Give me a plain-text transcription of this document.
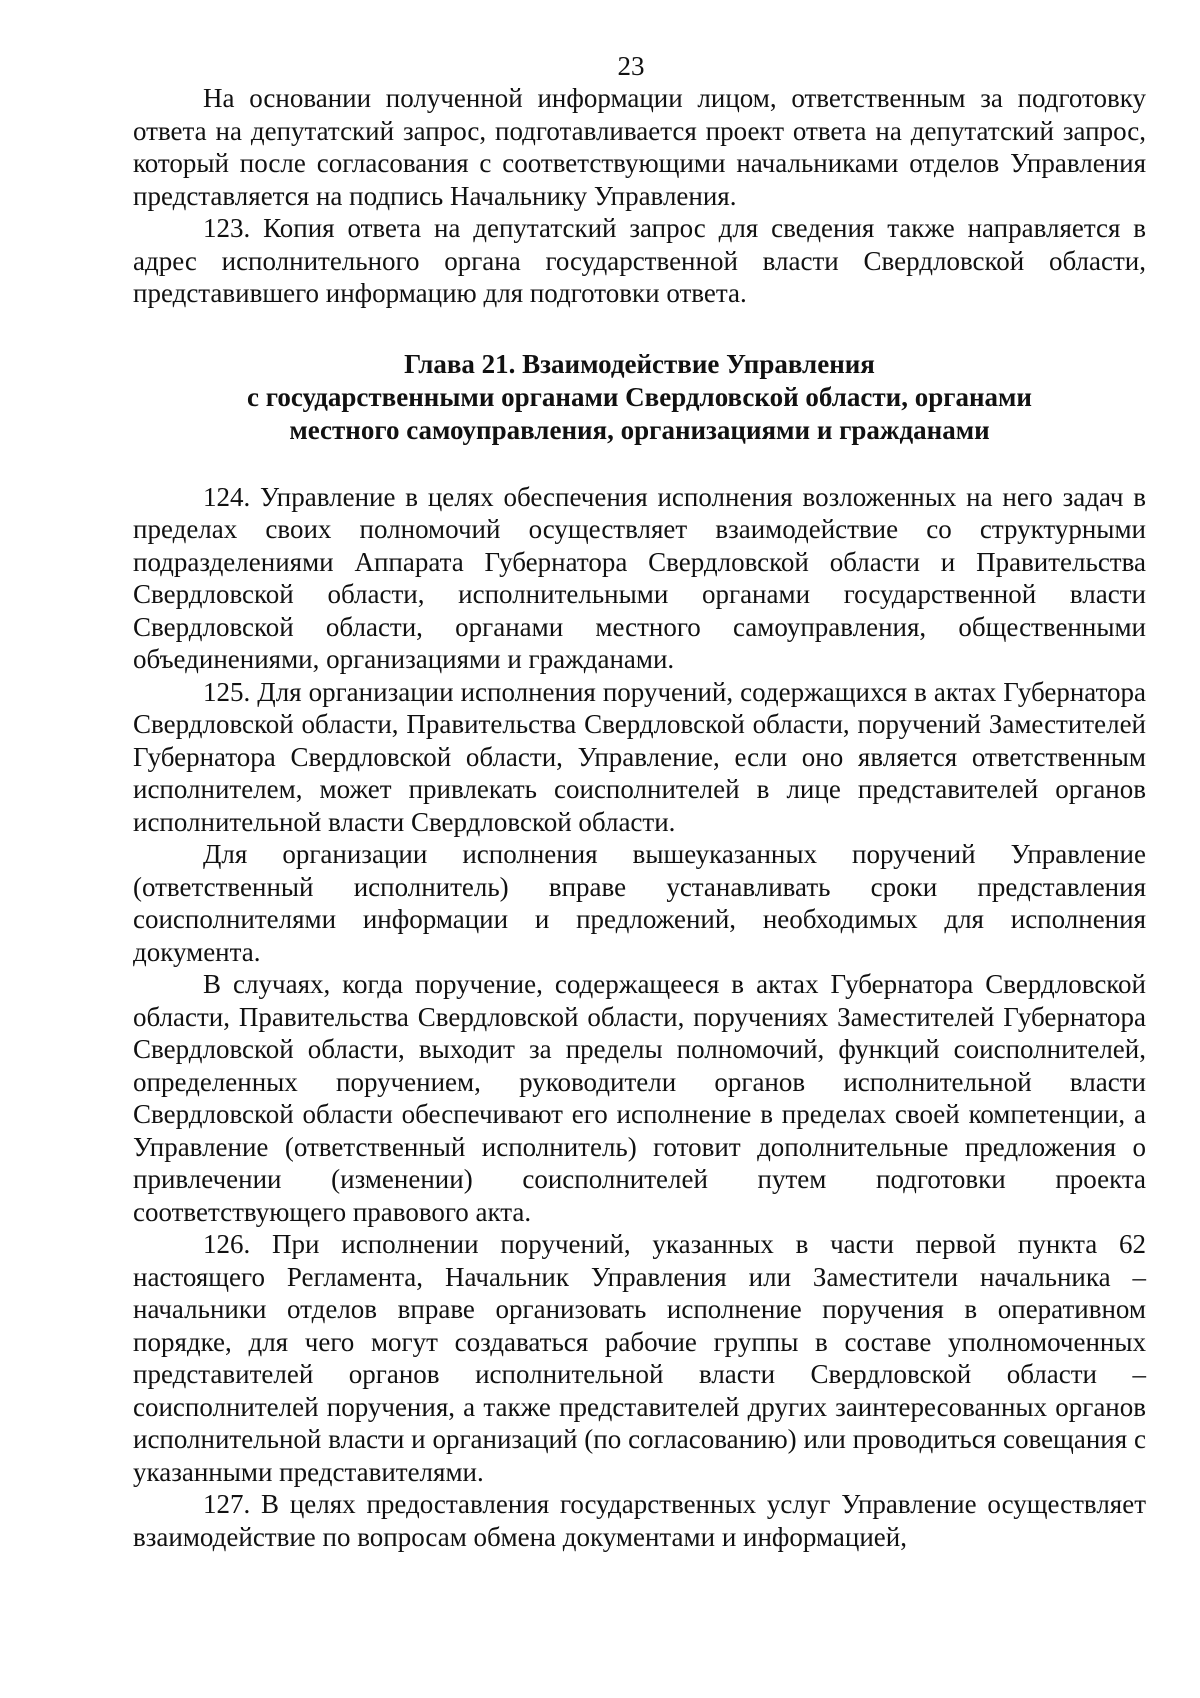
23

На основании полученной информации лицом, ответственным за подготовку ответа на депутатский запрос, подготавливается проект ответа на депутатский запрос, который после согласования с соответствующими начальниками отделов Управления представляется на подпись Начальнику Управления.

123. Копия ответа на депутатский запрос для сведения также направляется в адрес исполнительного органа государственной власти Свердловской области, представившего информацию для подготовки ответа.

Глава 21. Взаимодействие Управления
с государственными органами Свердловской области, органами
местного самоуправления, организациями и гражданами

124. Управление в целях обеспечения исполнения возложенных на него задач в пределах своих полномочий осуществляет взаимодействие со структурными подразделениями Аппарата Губернатора Свердловской области и Правительства Свердловской области, исполнительными органами государственной власти Свердловской области, органами местного самоуправления, общественными объединениями, организациями и гражданами.

125. Для организации исполнения поручений, содержащихся в актах Губернатора Свердловской области, Правительства Свердловской области, поручений Заместителей Губернатора Свердловской области, Управление, если оно является ответственным исполнителем, может привлекать соисполнителей в лице представителей органов исполнительной власти Свердловской области.

Для организации исполнения вышеуказанных поручений Управление (ответственный исполнитель) вправе устанавливать сроки представления соисполнителями информации и предложений, необходимых для исполнения документа.

В случаях, когда поручение, содержащееся в актах Губернатора Свердловской области, Правительства Свердловской области, поручениях Заместителей Губернатора Свердловской области, выходит за пределы полномочий, функций соисполнителей, определенных поручением, руководители органов исполнительной власти Свердловской области обеспечивают его исполнение в пределах своей компетенции, а Управление (ответственный исполнитель) готовит дополнительные предложения о привлечении (изменении) соисполнителей путем подготовки проекта соответствующего правового акта.

126. При исполнении поручений, указанных в части первой пункта 62 настоящего Регламента, Начальник Управления или Заместители начальника – начальники отделов вправе организовать исполнение поручения в оперативном порядке, для чего могут создаваться рабочие группы в составе уполномоченных представителей органов исполнительной власти Свердловской области – соисполнителей поручения, а также представителей других заинтересованных органов исполнительной власти и организаций (по согласованию) или проводиться совещания с указанными представителями.

127. В целях предоставления государственных услуг Управление осуществляет взаимодействие по вопросам обмена документами и информацией,
